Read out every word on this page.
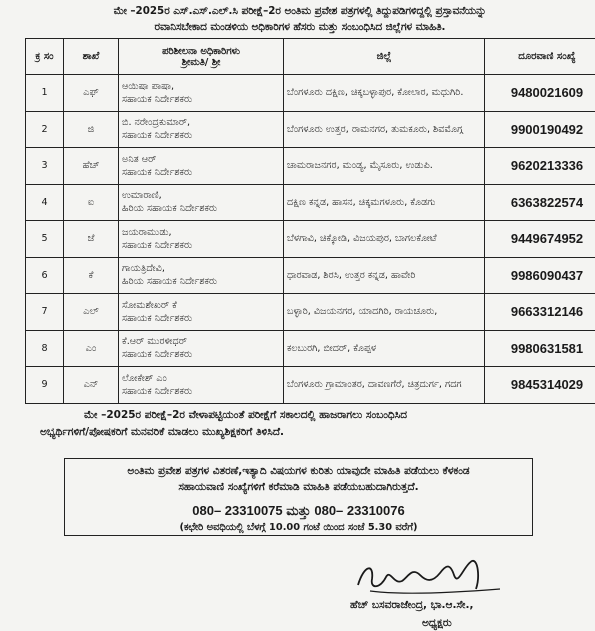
ಮೇ –2025ರ ಎಸ್.ಎಸ್.ಎಲ್.ಸಿ ಪರೀಕ್ಷೆ–2ರ ಅಂತಿಮ ಪ್ರವೇಶ ಪತ್ರಗಳಲ್ಲಿ ತಿದ್ದುಪಡಿಗಳಿದ್ದಲ್ಲಿ ಪ್ರಸ್ತಾವನೆಯನ್ನು
ರವಾನಿಸಬೇಕಾದ ಮಂಡಳಿಯ ಅಧಿಕಾರಿಗಳ ಹೆಸರು ಮತ್ತು ಸಂಬಂಧಿಸಿದ ಜಿಲ್ಲೆಗಳ ಮಾಹಿತಿ.
ಕ್ರ ಸಂ	ಶಾಖೆ	ಪರಿಶೀಲನಾ ಅಧಿಕಾರಿಗಳು
ಶ್ರೀಮತಿ/ ಶ್ರೀ	ಜಿಲ್ಲೆ	ದೂರವಾಣಿ ಸಂಖ್ಯೆ
1	ಎಫ್	ಆಯಿಷಾ ಪಾಷಾ,
ಸಹಾಯಕ ನಿರ್ದೇಶಕರು	ಬೆಂಗಳೂರು ದಕ್ಷಿಣ, ಚಿಕ್ಕಬಳ್ಳಾಪುರ, ಕೋಲಾರ, ಮಧುಗಿರಿ.	9480021609
2	ಜಿ	ಬಿ. ನರೇಂದ್ರಕುಮಾರ್,
ಸಹಾಯಕ ನಿರ್ದೇಶಕರು	ಬೆಂಗಳೂರು ಉತ್ತರ, ರಾಮನಗರ, ತುಮಕೂರು, ಶಿವಮೊಗ್ಗ	9900190492
3	ಹೆಚ್	ಅನಿತ ಆರ್
ಸಹಾಯಕ ನಿರ್ದೇಶಕರು	ಚಾಮರಾಜನಗರ, ಮಂಡ್ಯ, ಮೈಸೂರು, ಉಡುಪಿ.	9620213336
4	ಐ	ಉಮಾರಾಣಿ,
ಹಿರಿಯ ಸಹಾಯಕ ನಿರ್ದೇಶಕರು	ದಕ್ಷಿಣ ಕನ್ನಡ, ಹಾಸನ, ಚಿಕ್ಕಮಗಳೂರು, ಕೊಡಗು	6363822574
5	ಜೆ	ಜಯರಾಮುಡು,
ಸಹಾಯಕ ನಿರ್ದೇಶಕರು	ಬೆಳಗಾವಿ, ಚಿಕ್ಕೋಡಿ, ವಿಜಯಪುರ, ಬಾಗಲಕೋಟೆ	9449674952
6	ಕೆ	ಗಾಯತ್ರಿದೇವಿ,
ಹಿರಿಯ ಸಹಾಯಕ ನಿರ್ದೇಶಕರು	ಧಾರವಾಡ, ಶಿರಸಿ, ಉತ್ತರ ಕನ್ನಡ, ಹಾವೇರಿ	9986090437
7	ಎಲ್	ಸೋಮಶೇಖರ್ ಕೆ
ಸಹಾಯಕ ನಿರ್ದೇಶಕರು	ಬಳ್ಳಾರಿ, ವಿಜಯನಗರ, ಯಾದಗಿರಿ, ರಾಯಚೂರು,	9663312146
8	ಎಂ	ಕೆ.ಆರ್ ಮುರಳೀಧರ್
ಸಹಾಯಕ ನಿರ್ದೇಶಕರು	ಕಲಬುರಗಿ, ಬೀದರ್, ಕೊಪ್ಪಳ	9980631581
9	ಎನ್	ಲೋಕೇಶ್ ಎಂ
ಸಹಾಯಕ ನಿರ್ದೇಶಕರು	ಬೆಂಗಳೂರು ಗ್ರಾಮಾಂತರ, ದಾವಣಗೆರೆ, ಚಿತ್ರದುರ್ಗ, ಗದಗ	9845314029
ಮೇ –2025ರ ಪರೀಕ್ಷೆ–2ರ ವೇಳಾಪಟ್ಟಿಯಂತೆ ಪರೀಕ್ಷೆಗೆ ಸಕಾಲದಲ್ಲಿ ಹಾಜರಾಗಲು ಸಂಬಂಧಿಸಿದ
ಅಭ್ಯರ್ಥಿಗಳಿಗೆ/ಪೋಷಕರಿಗೆ ಮನವರಿಕೆ ಮಾಡಲು ಮುಖ್ಯಶಿಕ್ಷಕರಿಗೆ ತಿಳಿಸಿದೆ.
ಅಂತಿಮ ಪ್ರವೇಶ ಪತ್ರಗಳ ವಿತರಣೆ,ಇತ್ಯಾದಿ ವಿಷಯಗಳ ಕುರಿತು ಯಾವುದೇ ಮಾಹಿತಿ ಪಡೆಯಲು ಕೆಳಕಂಡ
ಸಹಾಯವಾಣಿ ಸಂಖ್ಯೆಗಳಿಗೆ ಕರೆಮಾಡಿ ಮಾಹಿತಿ ಪಡೆಯಬಹುದಾಗಿರುತ್ತದೆ.
080– 23310075 ಮತ್ತು 080– 23310076
(ಕಛೇರಿ ಅವಧಿಯಲ್ಲಿ ಬೆಳಗ್ಗೆ 10.00 ಗಂಟೆ ಯಿಂದ ಸಂಜೆ 5.30 ವರೆಗೆ)
ಹೆಚ್ ಬಸವರಾಜೇಂದ್ರ, ಭಾ.ಆ.ಸೇ.,
ಅಧ್ಯಕ್ಷರು
